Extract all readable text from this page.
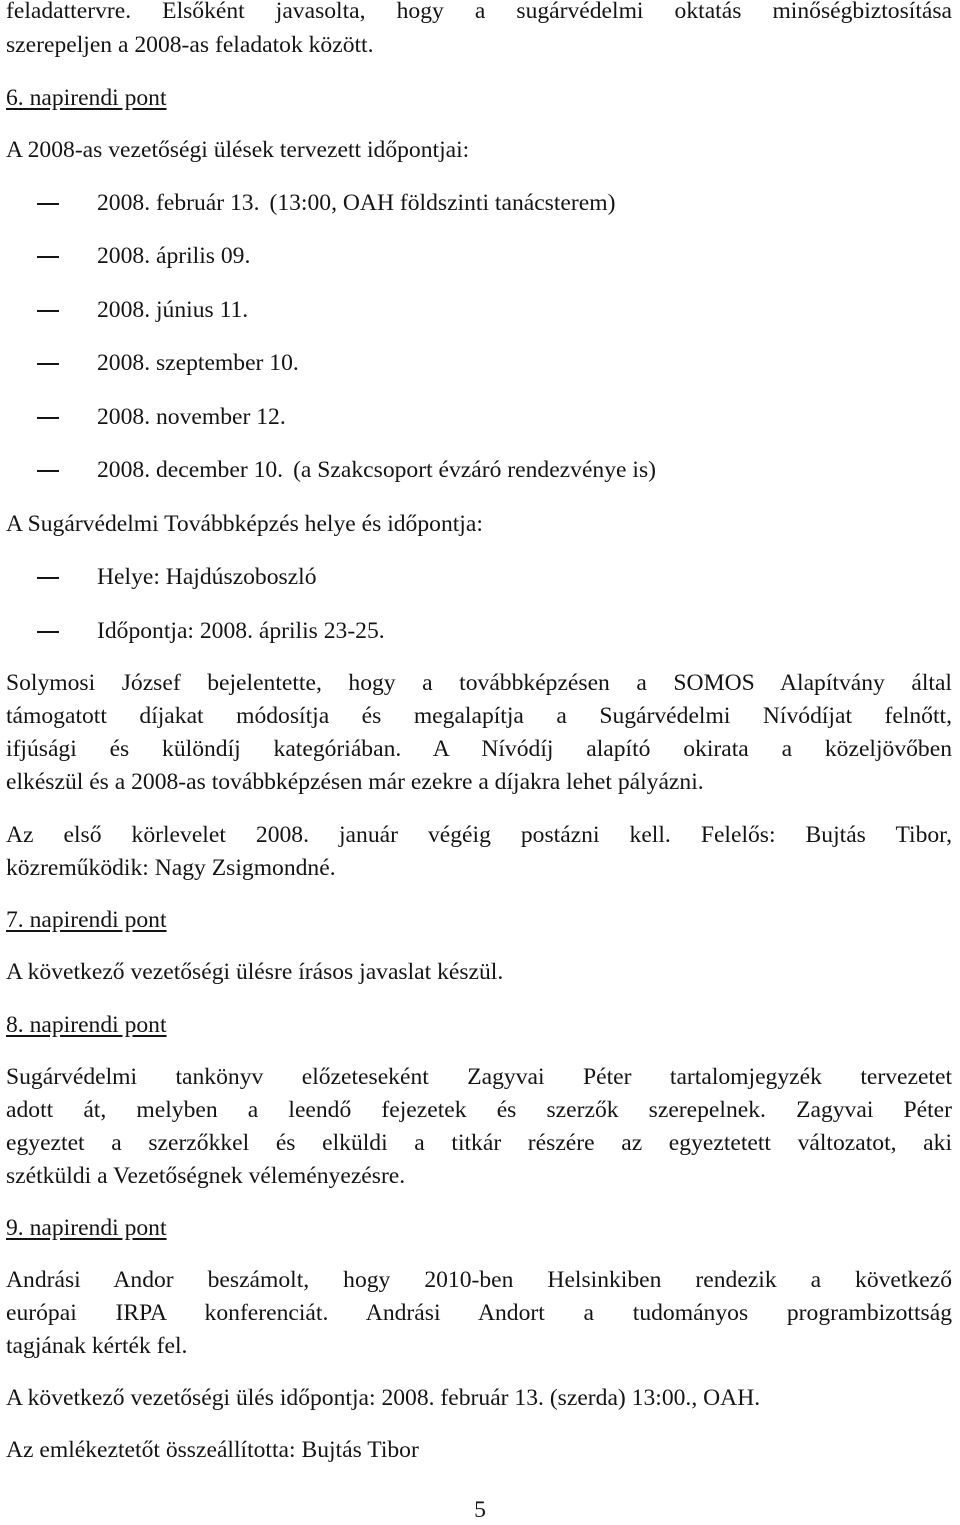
feladattervre. Elsőként javasolta, hogy a sugárvédelmi oktatás minőségbiztosítása
szerepeljen a 2008-as feladatok között.
6. napirendi pont
A 2008-as vezetőségi ülések tervezett időpontjai:
2008. február 13. (13:00, OAH földszinti tanácsterem)
2008. április 09.
2008. június 11.
2008. szeptember 10.
2008. november 12.
2008. december 10. (a Szakcsoport évzáró rendezvénye is)
A Sugárvédelmi Továbbképzés helye és időpontja:
Helye: Hajdúszoboszló
Időpontja: 2008. április 23-25.
Solymosi József bejelentette, hogy a továbbképzésen a SOMOS Alapítvány által
támogatott díjakat módosítja és megalapítja a Sugárvédelmi Nívódíjat felnőtt,
ifjúsági és különdíj kategóriában. A Nívódíj alapító okirata a közeljövőben
elkészül és a 2008-as továbbképzésen már ezekre a díjakra lehet pályázni.
Az első körlevelet 2008. január végéig postázni kell. Felelős: Bujtás Tibor,
közreműködik: Nagy Zsigmondné.
7. napirendi pont
A következő vezetőségi ülésre írásos javaslat készül.
8. napirendi pont
Sugárvédelmi tankönyv előzeteseként Zagyvai Péter tartalomjegyzék tervezetet
adott át, melyben a leendő fejezetek és szerzők szerepelnek. Zagyvai Péter
egyeztet a szerzőkkel és elküldi a titkár részére az egyeztetett változatot, aki
szétküldi a Vezetőségnek véleményezésre.
9. napirendi pont
Andrási Andor beszámolt, hogy 2010-ben Helsinkiben rendezik a következő
európai IRPA konferenciát. Andrási Andort a tudományos programbizottság
tagjának kérték fel.
A következő vezetőségi ülés időpontja: 2008. február 13. (szerda) 13:00., OAH.
Az emlékeztetőt összeállította: Bujtás Tibor
5
